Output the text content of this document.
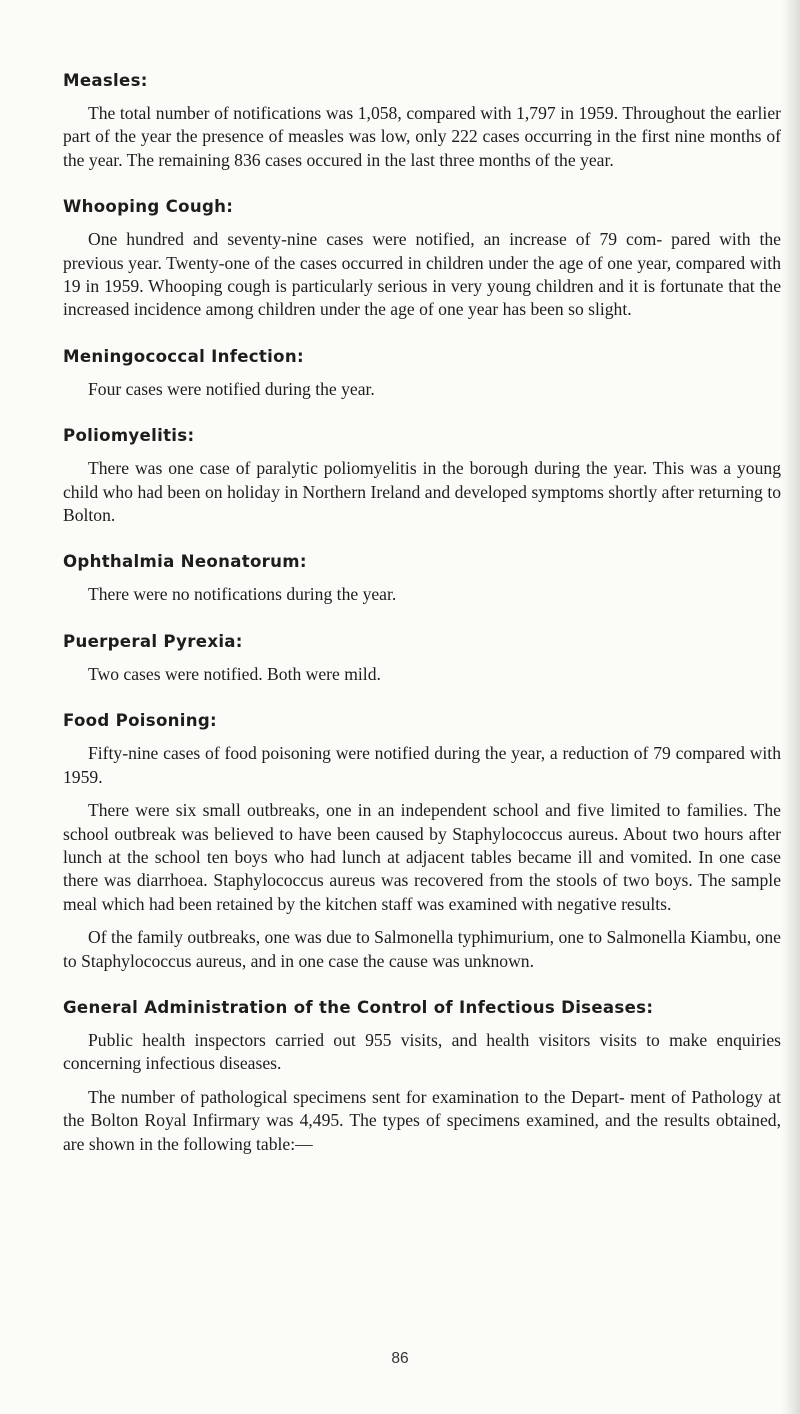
Measles:

The total number of notifications was 1,058, compared with 1,797 in 1959. Throughout the earlier part of the year the presence of measles was low, only 222 cases occurring in the first nine months of the year. The remaining 836 cases occured in the last three months of the year.

Whooping Cough:

One hundred and seventy-nine cases were notified, an increase of 79 com- pared with the previous year. Twenty-one of the cases occurred in children under the age of one year, compared with 19 in 1959. Whooping cough is particularly serious in very young children and it is fortunate that the increased incidence among children under the age of one year has been so slight.

Meningococcal Infection:

Four cases were notified during the year.

Poliomyelitis:

There was one case of paralytic poliomyelitis in the borough during the year. This was a young child who had been on holiday in Northern Ireland and developed symptoms shortly after returning to Bolton.

Ophthalmia Neonatorum:

There were no notifications during the year.

Puerperal Pyrexia:

Two cases were notified. Both were mild.

Food Poisoning:

Fifty-nine cases of food poisoning were notified during the year, a reduction of 79 compared with 1959.

There were six small outbreaks, one in an independent school and five limited to families. The school outbreak was believed to have been caused by Staphylococcus aureus. About two hours after lunch at the school ten boys who had lunch at adjacent tables became ill and vomited. In one case there was diarrhoea. Staphylococcus aureus was recovered from the stools of two boys. The sample meal which had been retained by the kitchen staff was examined with negative results.

Of the family outbreaks, one was due to Salmonella typhimurium, one to Salmonella Kiambu, one to Staphylococcus aureus, and in one case the cause was unknown.

General Administration of the Control of Infectious Diseases:

Public health inspectors carried out 955 visits, and health visitors visits to make enquiries concerning infectious diseases.

The number of pathological specimens sent for examination to the Depart- ment of Pathology at the Bolton Royal Infirmary was 4,495. The types of specimens examined, and the results obtained, are shown in the following table:—

86
